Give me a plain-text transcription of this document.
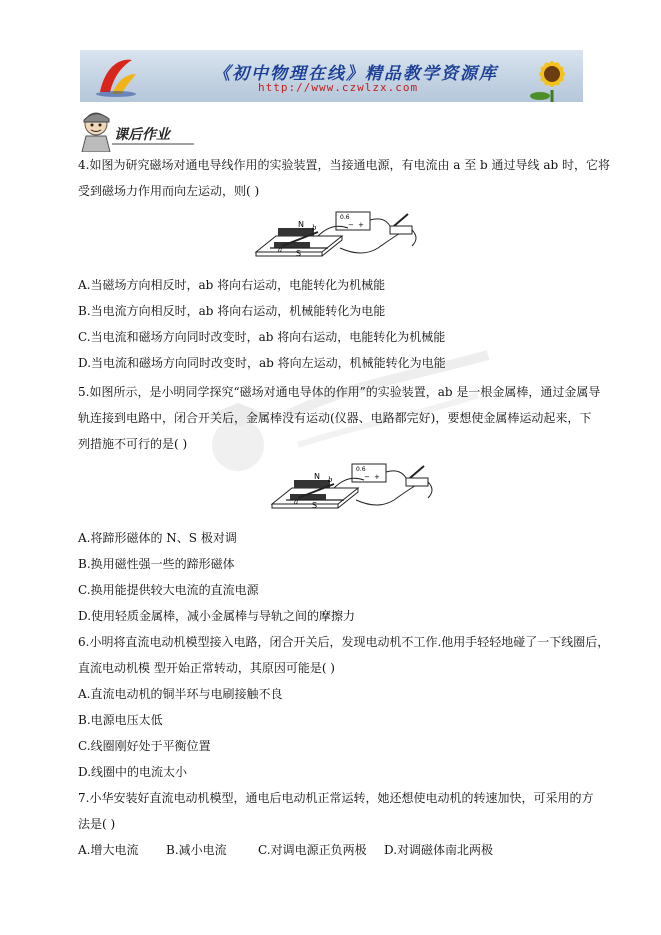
《初中物理在线》精品教学资源库
http://www.czwlzx.com
课后作业
4.如图为研究磁场对通电导线作用的实验装置，当接通电源，有电流由 a 至 b 通过导线 ab 时，它将
受到磁场力作用而向左运动，则( )
N
S
b
a
0.6
− +
A.当磁场方向相反时，ab 将向右运动，电能转化为机械能
B.当电流方向相反时，ab 将向右运动，机械能转化为电能
C.当电流和磁场方向同时改变时，ab 将向右运动，电能转化为机械能
D.当电流和磁场方向同时改变时，ab 将向左运动，机械能转化为电能
5.如图所示，是小明同学探究“磁场对通电导体的作用”的实验装置，ab 是一根金属棒，通过金属导
轨连接到电路中，闭合开关后，金属棒没有运动(仪器、电路都完好)，要想使金属棒运动起来，下
列措施不可行的是( )
N
S
b
a
0.6
− +
A.将蹄形磁体的 N、S 极对调
B.换用磁性强一些的蹄形磁体
C.换用能提供较大电流的直流电源
D.使用轻质金属棒，减小金属棒与导轨之间的摩擦力
6.小明将直流电动机模型接入电路，闭合开关后，发现电动机不工作.他用手轻轻地碰了一下线圈后，
直流电动机模 型开始正常转动，其原因可能是( )
A.直流电动机的铜半环与电刷接触不良
B.电源电压太低
C.线圈刚好处于平衡位置
D.线圈中的电流太小
7.小华安装好直流电动机模型，通电后电动机正常运转，她还想使电动机的转速加快，可采用的方
法是( )
A.增大电流 B.减小电流	C.对调电源正负两极 D.对调磁体南北两极
